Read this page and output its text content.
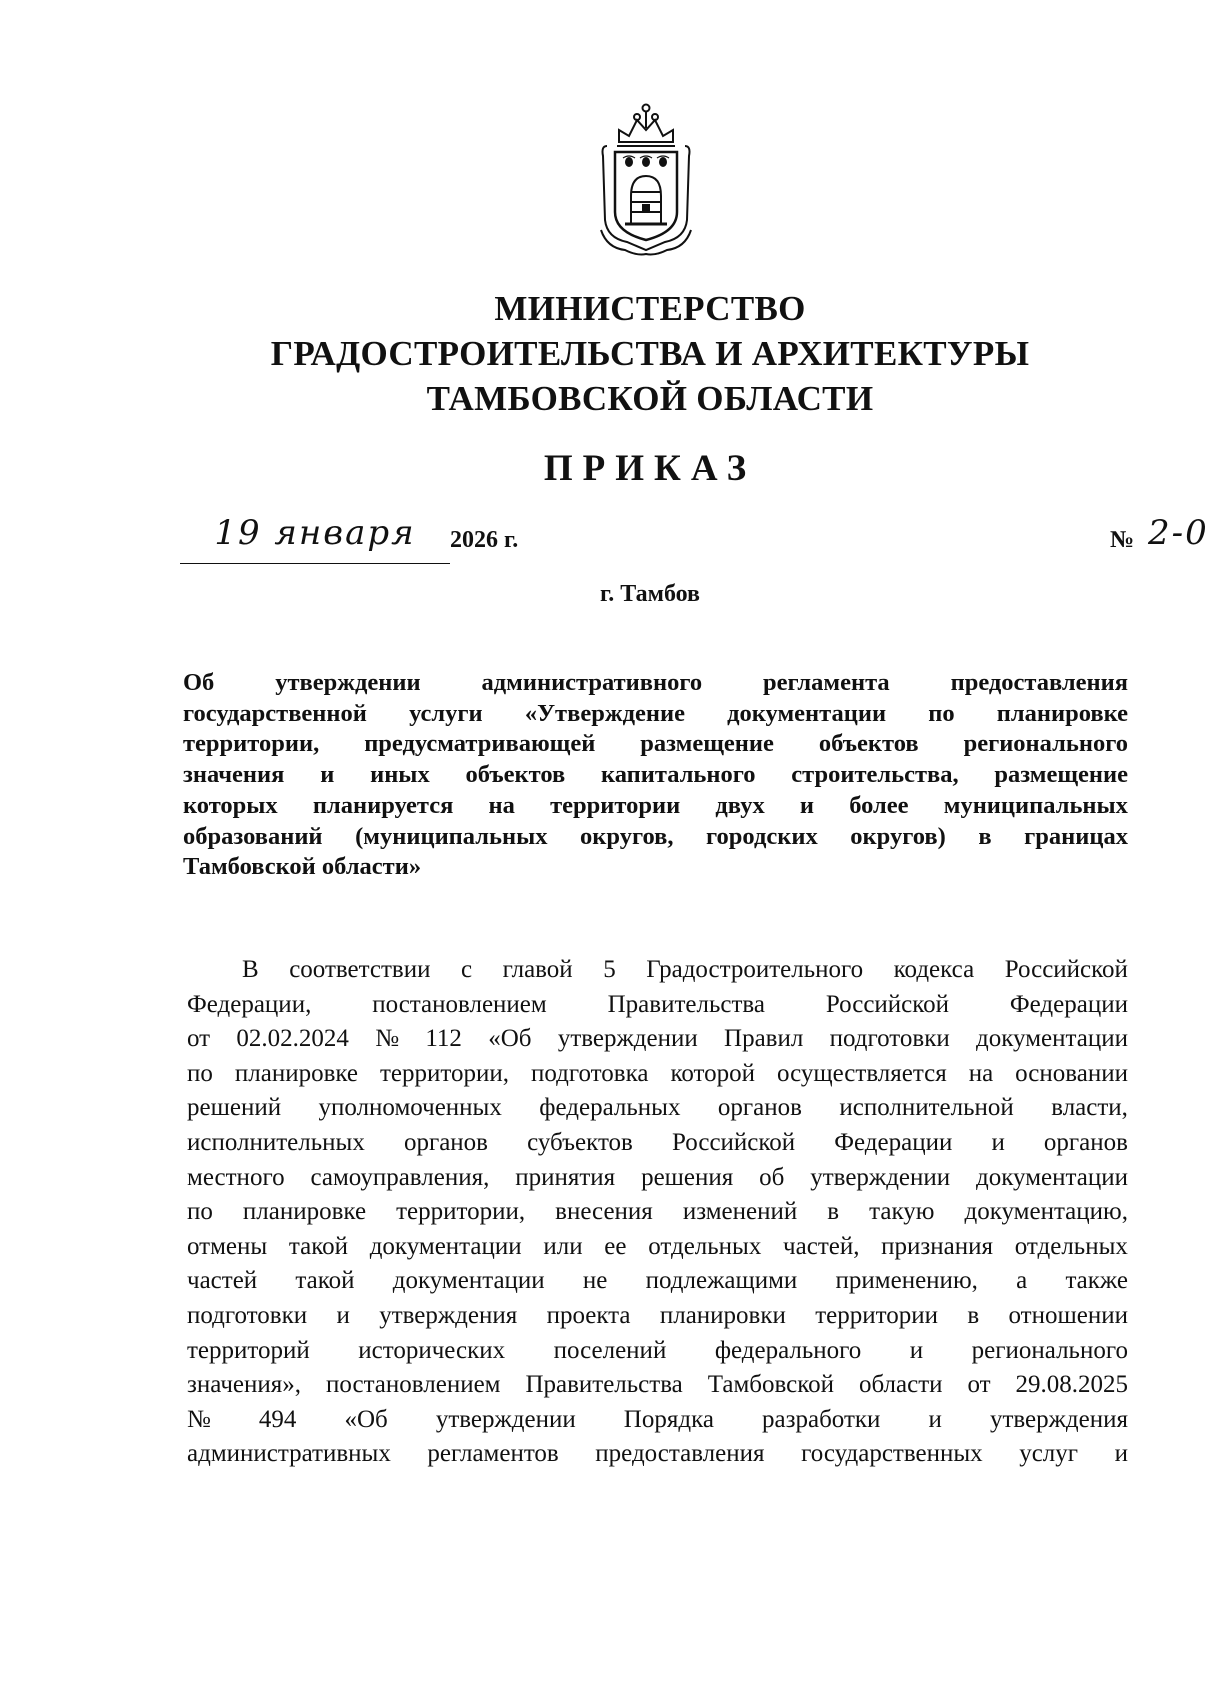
МИНИСТЕРСТВО
ГРАДОСТРОИТЕЛЬСТВА И АРХИТЕКТУРЫ
ТАМБОВСКОЙ ОБЛАСТИ
ПРИКАЗ
19 января	2026 г.	№ 2-0
г. Тамбов
Об утверждении административного регламента предоставления
государственной услуги «Утверждение документации по планировке
территории, предусматривающей размещение объектов регионального
значения и иных объектов капитального строительства, размещение
которых планируется на территории двух и более муниципальных
образований (муниципальных округов, городских округов) в границах
Тамбовской области»
В соответствии с главой 5 Градостроительного кодекса Российской
Федерации, постановлением Правительства Российской Федерации
от 02.02.2024 № 112 «Об утверждении Правил подготовки документации
по планировке территории, подготовка которой осуществляется на основании
решений уполномоченных федеральных органов исполнительной власти,
исполнительных органов субъектов Российской Федерации и органов
местного самоуправления, принятия решения об утверждении документации
по планировке территории, внесения изменений в такую документацию,
отмены такой документации или ее отдельных частей, признания отдельных
частей такой документации не подлежащими применению, а также
подготовки и утверждения проекта планировки территории в отношении
территорий исторических поселений федерального и регионального
значения», постановлением Правительства Тамбовской области от 29.08.2025
№ 494 «Об утверждении Порядка разработки и утверждения
административных регламентов предоставления государственных услуг и
